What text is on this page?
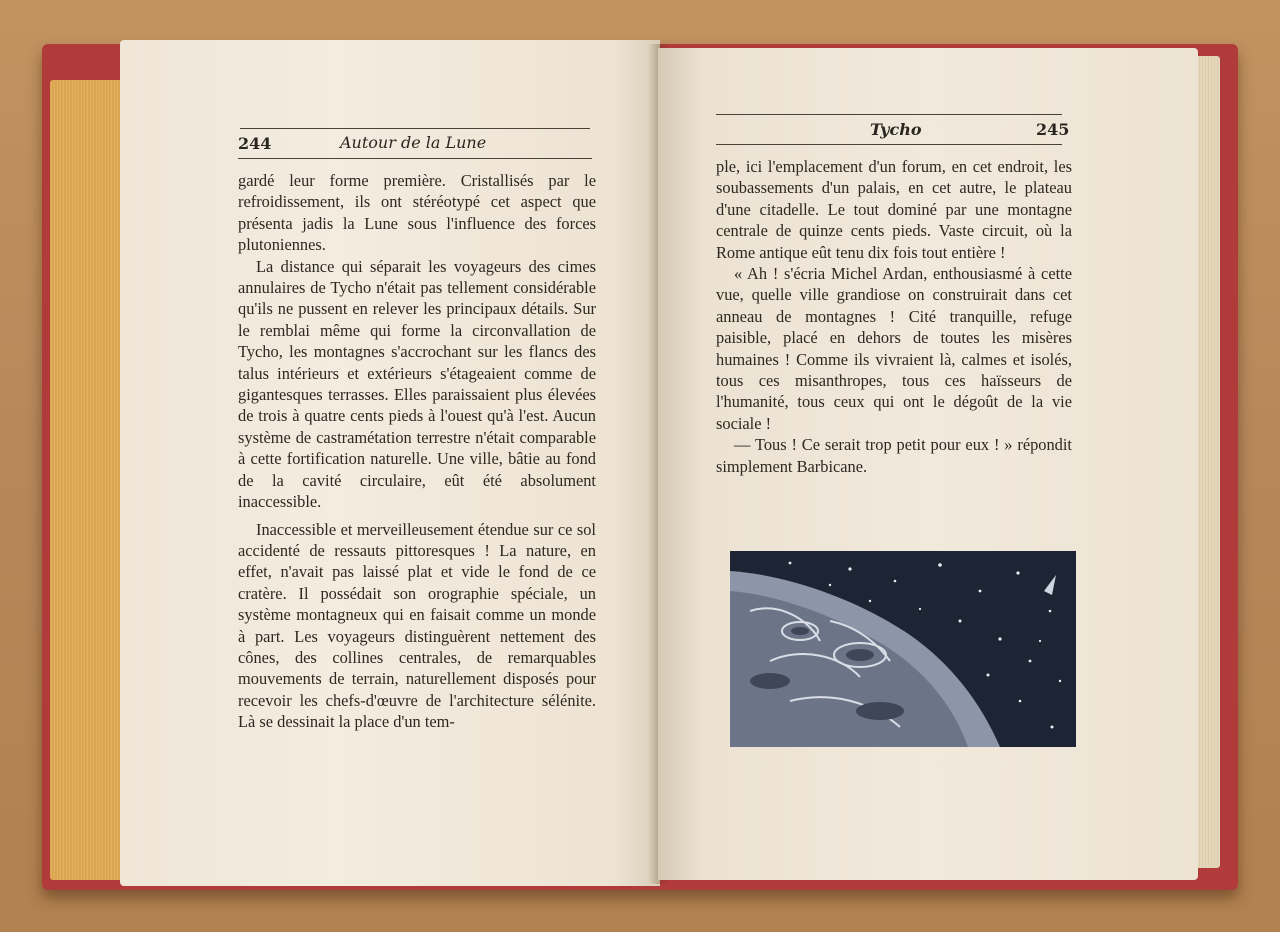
244	Autour de la Lune

gardé leur forme première. Cristallisés par le refroidissement, ils ont stéréotypé cet aspect que présenta jadis la Lune sous l'influence des forces plutoniennes.

La distance qui séparait les voyageurs des cimes annulaires de Tycho n'était pas tellement considérable qu'ils ne pussent en relever les principaux détails. Sur le remblai même qui forme la circonvallation de Tycho, les montagnes s'accrochant sur les flancs des talus intérieurs et extérieurs s'étageaient comme de gigantesques terrasses. Elles paraissaient plus élevées de trois à quatre cents pieds à l'ouest qu'à l'est. Aucun système de castramétation terrestre n'était comparable à cette fortification naturelle. Une ville, bâtie au fond de la cavité circulaire, eût été absolument inaccessible.

Inaccessible et merveilleusement étendue sur ce sol accidenté de ressauts pittoresques ! La nature, en effet, n'avait pas laissé plat et vide le fond de ce cratère. Il possédait son orographie spéciale, un système montagneux qui en faisait comme un monde à part. Les voyageurs distinguèrent nettement des cônes, des collines centrales, de remarquables mouvements de terrain, naturellement disposés pour recevoir les chefs-d'œuvre de l'architecture sélénite. Là se dessinait la place d'un tem-

Tycho	245

ple, ici l'emplacement d'un forum, en cet endroit, les soubassements d'un palais, en cet autre, le plateau d'une citadelle. Le tout dominé par une montagne centrale de quinze cents pieds. Vaste circuit, où la Rome antique eût tenu dix fois tout entière !

« Ah ! s'écria Michel Ardan, enthousiasmé à cette vue, quelle ville grandiose on construirait dans cet anneau de montagnes ! Cité tranquille, refuge paisible, placé en dehors de toutes les misères humaines ! Comme ils vivraient là, calmes et isolés, tous ces misanthropes, tous ces haïsseurs de l'humanité, tous ceux qui ont le dégoût de la vie sociale !

— Tous ! Ce serait trop petit pour eux ! » répondit simplement Barbicane.
